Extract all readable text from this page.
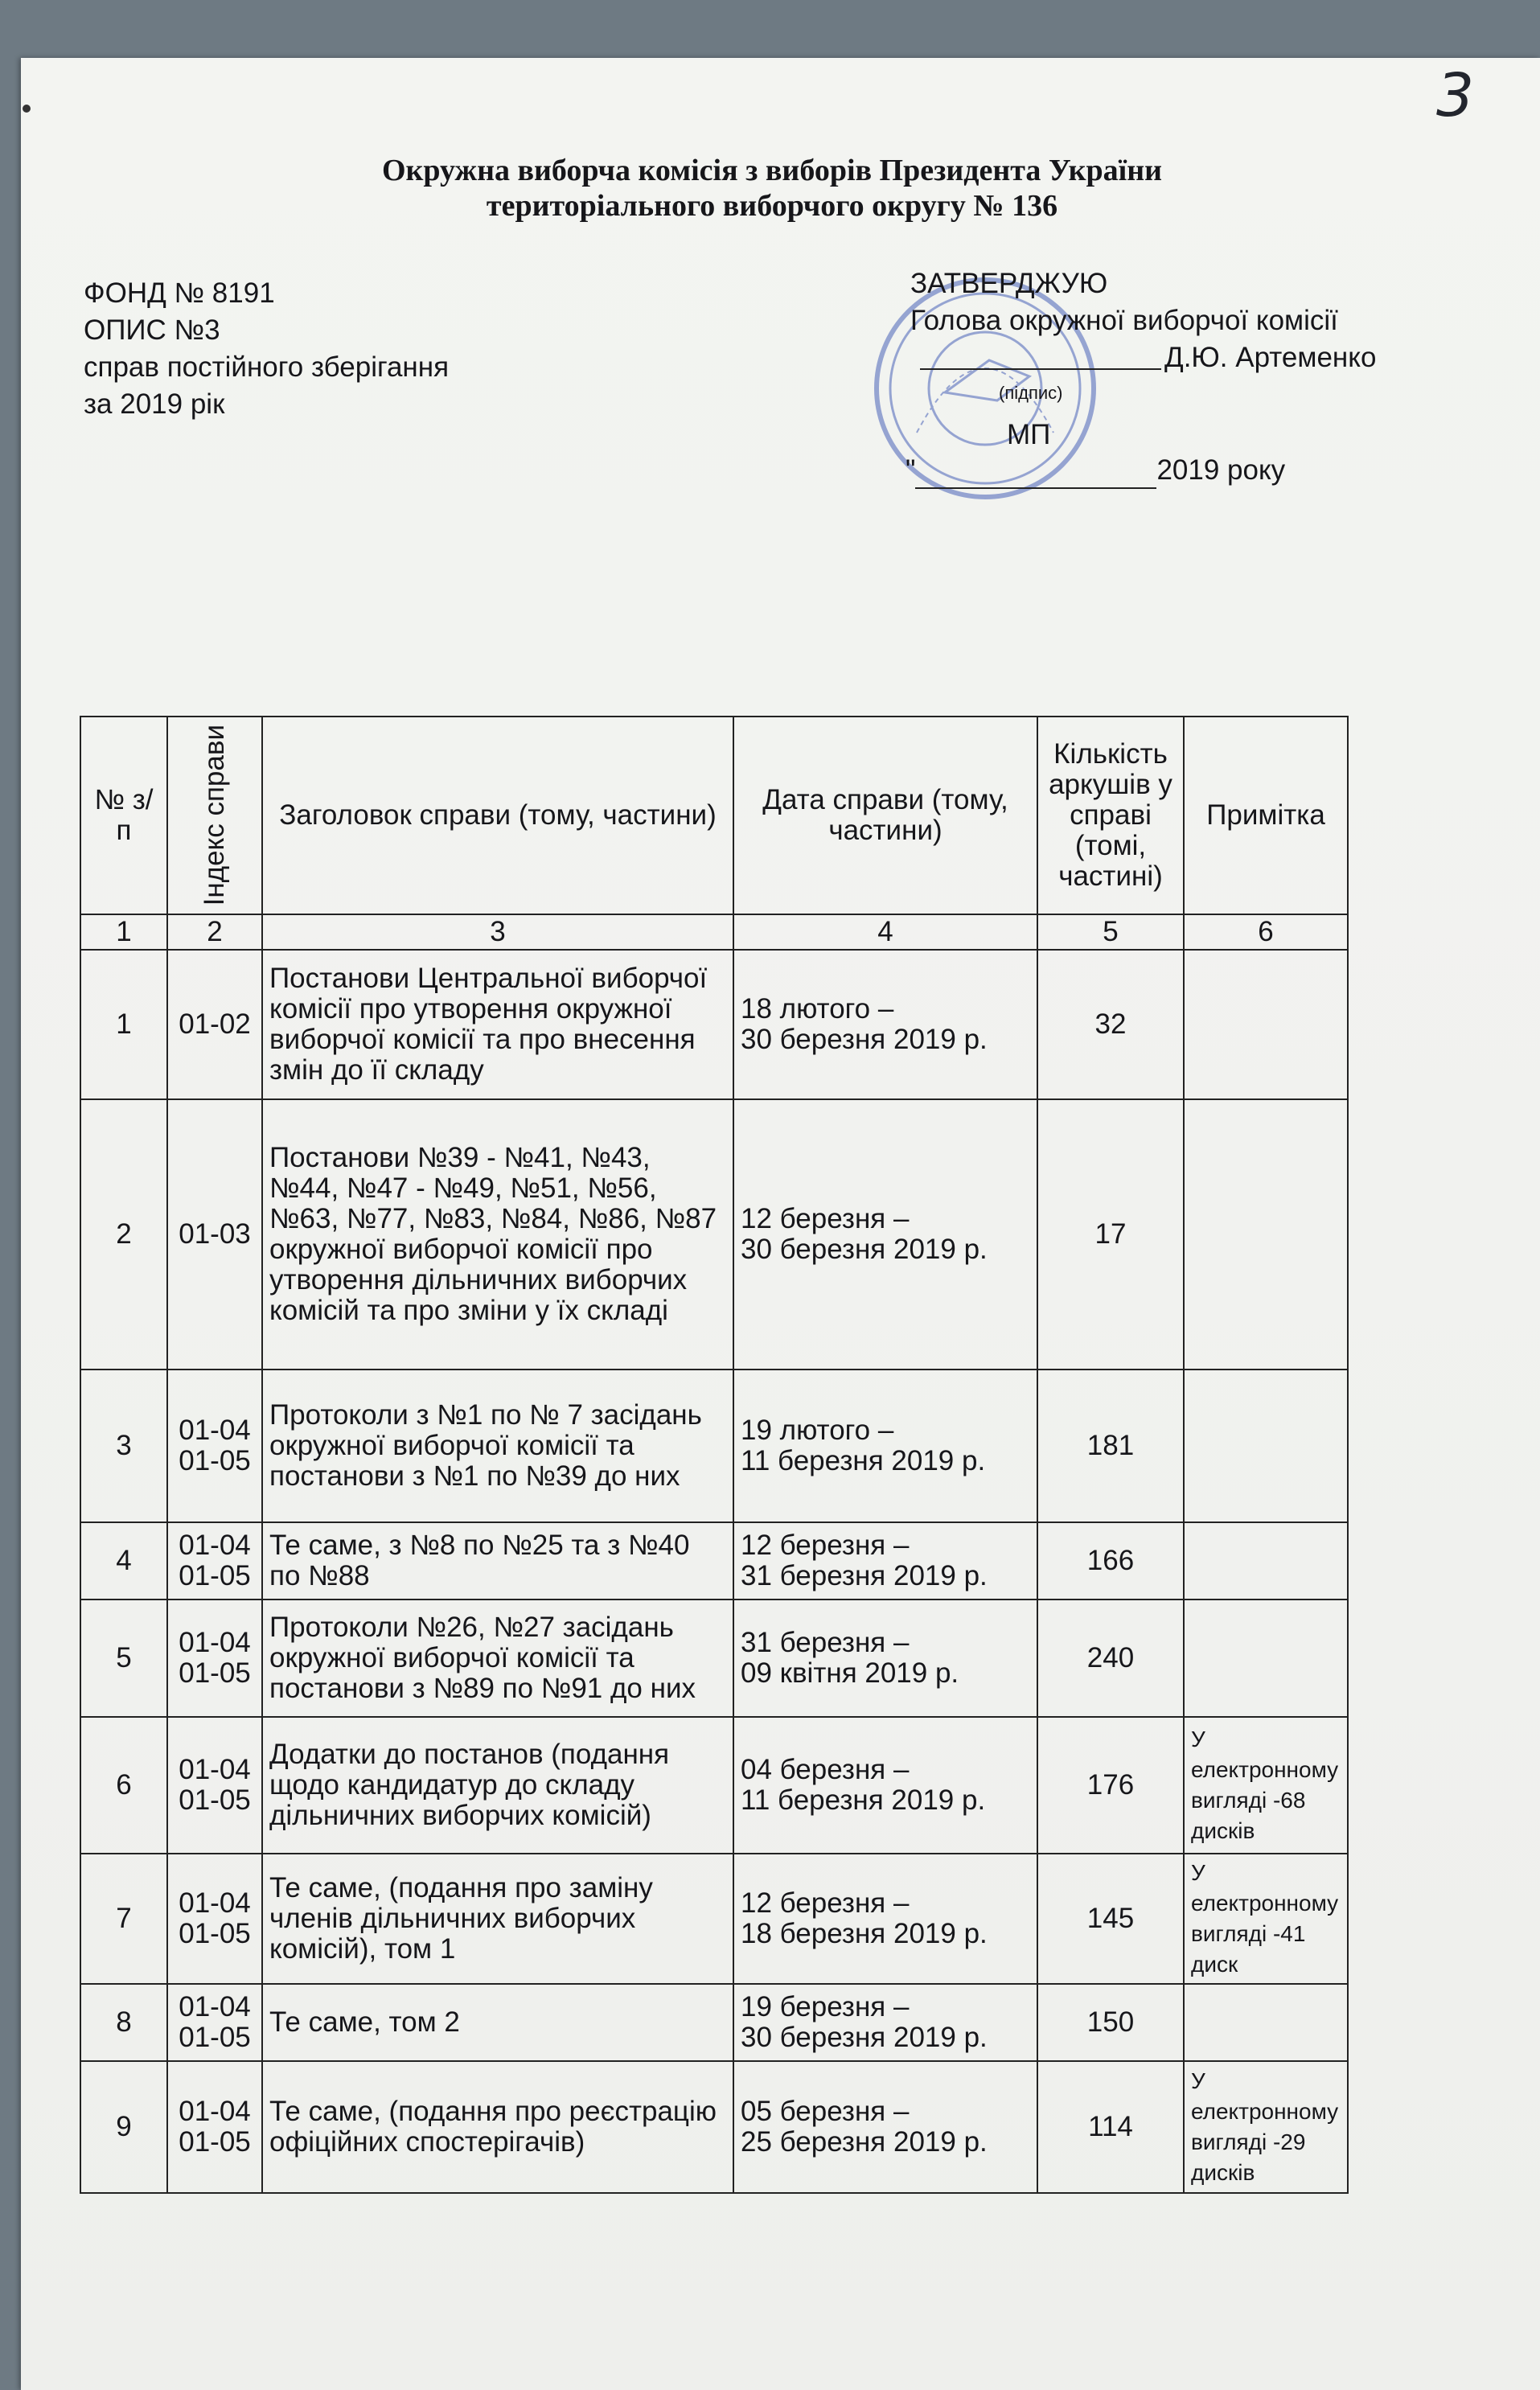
3
Окружна виборча комісія з виборів Президента України
територіального виборчого округу № 136
ФОНД № 8191
ОПИС №3
справ постійного зберігання
за 2019 рік
ЗАТВЕРДЖУЮ
Голова окружної виборчої комісії
Д.Ю. Артеменко
(підпис)
МП
"	2019 року
№ з/п	Індекс справи	Заголовок справи (тому, частини)	Дата справи (тому, частини)	Кількість аркушів у справі (томі, частині)	Примітка
1	2	3	4	5	6
1	01-02	Постанови Центральної виборчої комісії про утворення окружної виборчої комісії та про внесення змін до її складу	18 лютого –
30 березня 2019 р.	32	
2	01-03	Постанови №39 - №41, №43, №44, №47 - №49, №51, №56, №63, №77, №83, №84, №86, №87 окружної виборчої комісії про утворення дільничних виборчих комісій та про зміни у їх складі	12 березня –
30 березня 2019 р.	17	
3	01-04
01-05	Протоколи з №1 по № 7 засідань окружної виборчої комісії та постанови з №1 по №39 до них	19 лютого –
11 березня 2019 р.	181	
4	01-04
01-05	Те саме, з №8 по №25 та з №40 по №88	12 березня –
31 березня 2019 р.	166	
5	01-04
01-05	Протоколи №26, №27 засідань окружної виборчої комісії та постанови з №89 по №91 до них	31 березня –
09 квітня 2019 р.	240	
6	01-04
01-05	Додатки до постанов (подання щодо кандидатур до складу дільничних виборчих комісій)	04 березня –
11 березня 2019 р.	176	У електронному вигляді -68 дисків
7	01-04
01-05	Те саме, (подання про заміну членів дільничних виборчих комісій), том 1	12 березня –
18 березня 2019 р.	145	У електронному вигляді -41 диск
8	01-04
01-05	Те саме, том 2	19 березня –
30 березня 2019 р.	150	
9	01-04
01-05	Те саме, (подання про реєстрацію офіційних спостерігачів)	05 березня –
25 березня 2019 р.	114	У електронному вигляді -29 дисків
